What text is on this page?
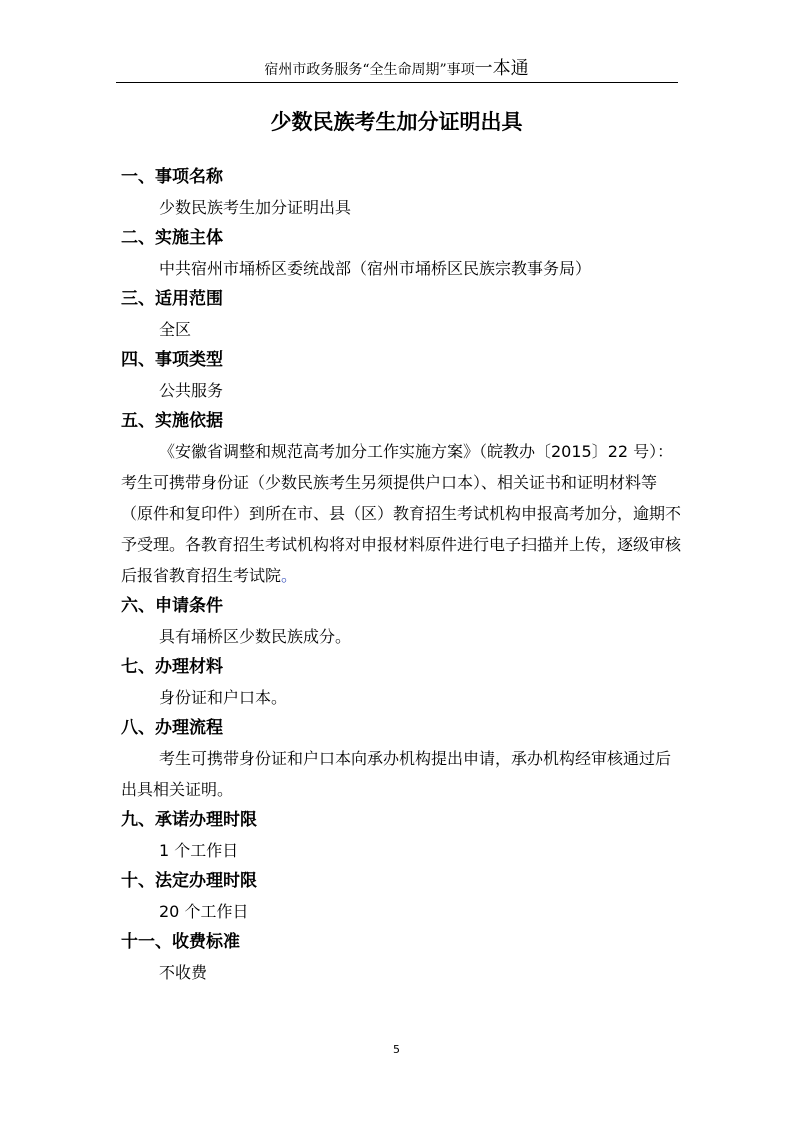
宿州市政务服务“全生命周期”事项一本通
少数民族考生加分证明出具
一、事项名称
少数民族考生加分证明出具
二、实施主体
中共宿州市埇桥区委统战部（宿州市埇桥区民族宗教事务局）
三、适用范围
全区
四、事项类型
公共服务
五、实施依据
《安徽省调整和规范高考加分工作实施方案》（皖教办〔2015〕22 号）：考生可携带身份证（少数民族考生另须提供户口本）、相关证书和证明材料等（原件和复印件）到所在市、县（区）教育招生考试机构申报高考加分，逾期不予受理。各教育招生考试机构将对申报材料原件进行电子扫描并上传，逐级审核后报省教育招生考试院。
六、申请条件
具有埇桥区少数民族成分。
七、办理材料
身份证和户口本。
八、办理流程
考生可携带身份证和户口本向承办机构提出申请，承办机构经审核通过后出具相关证明。
九、承诺办理时限
1 个工作日
十、法定办理时限
20 个工作日
十一、收费标准
不收费
5
